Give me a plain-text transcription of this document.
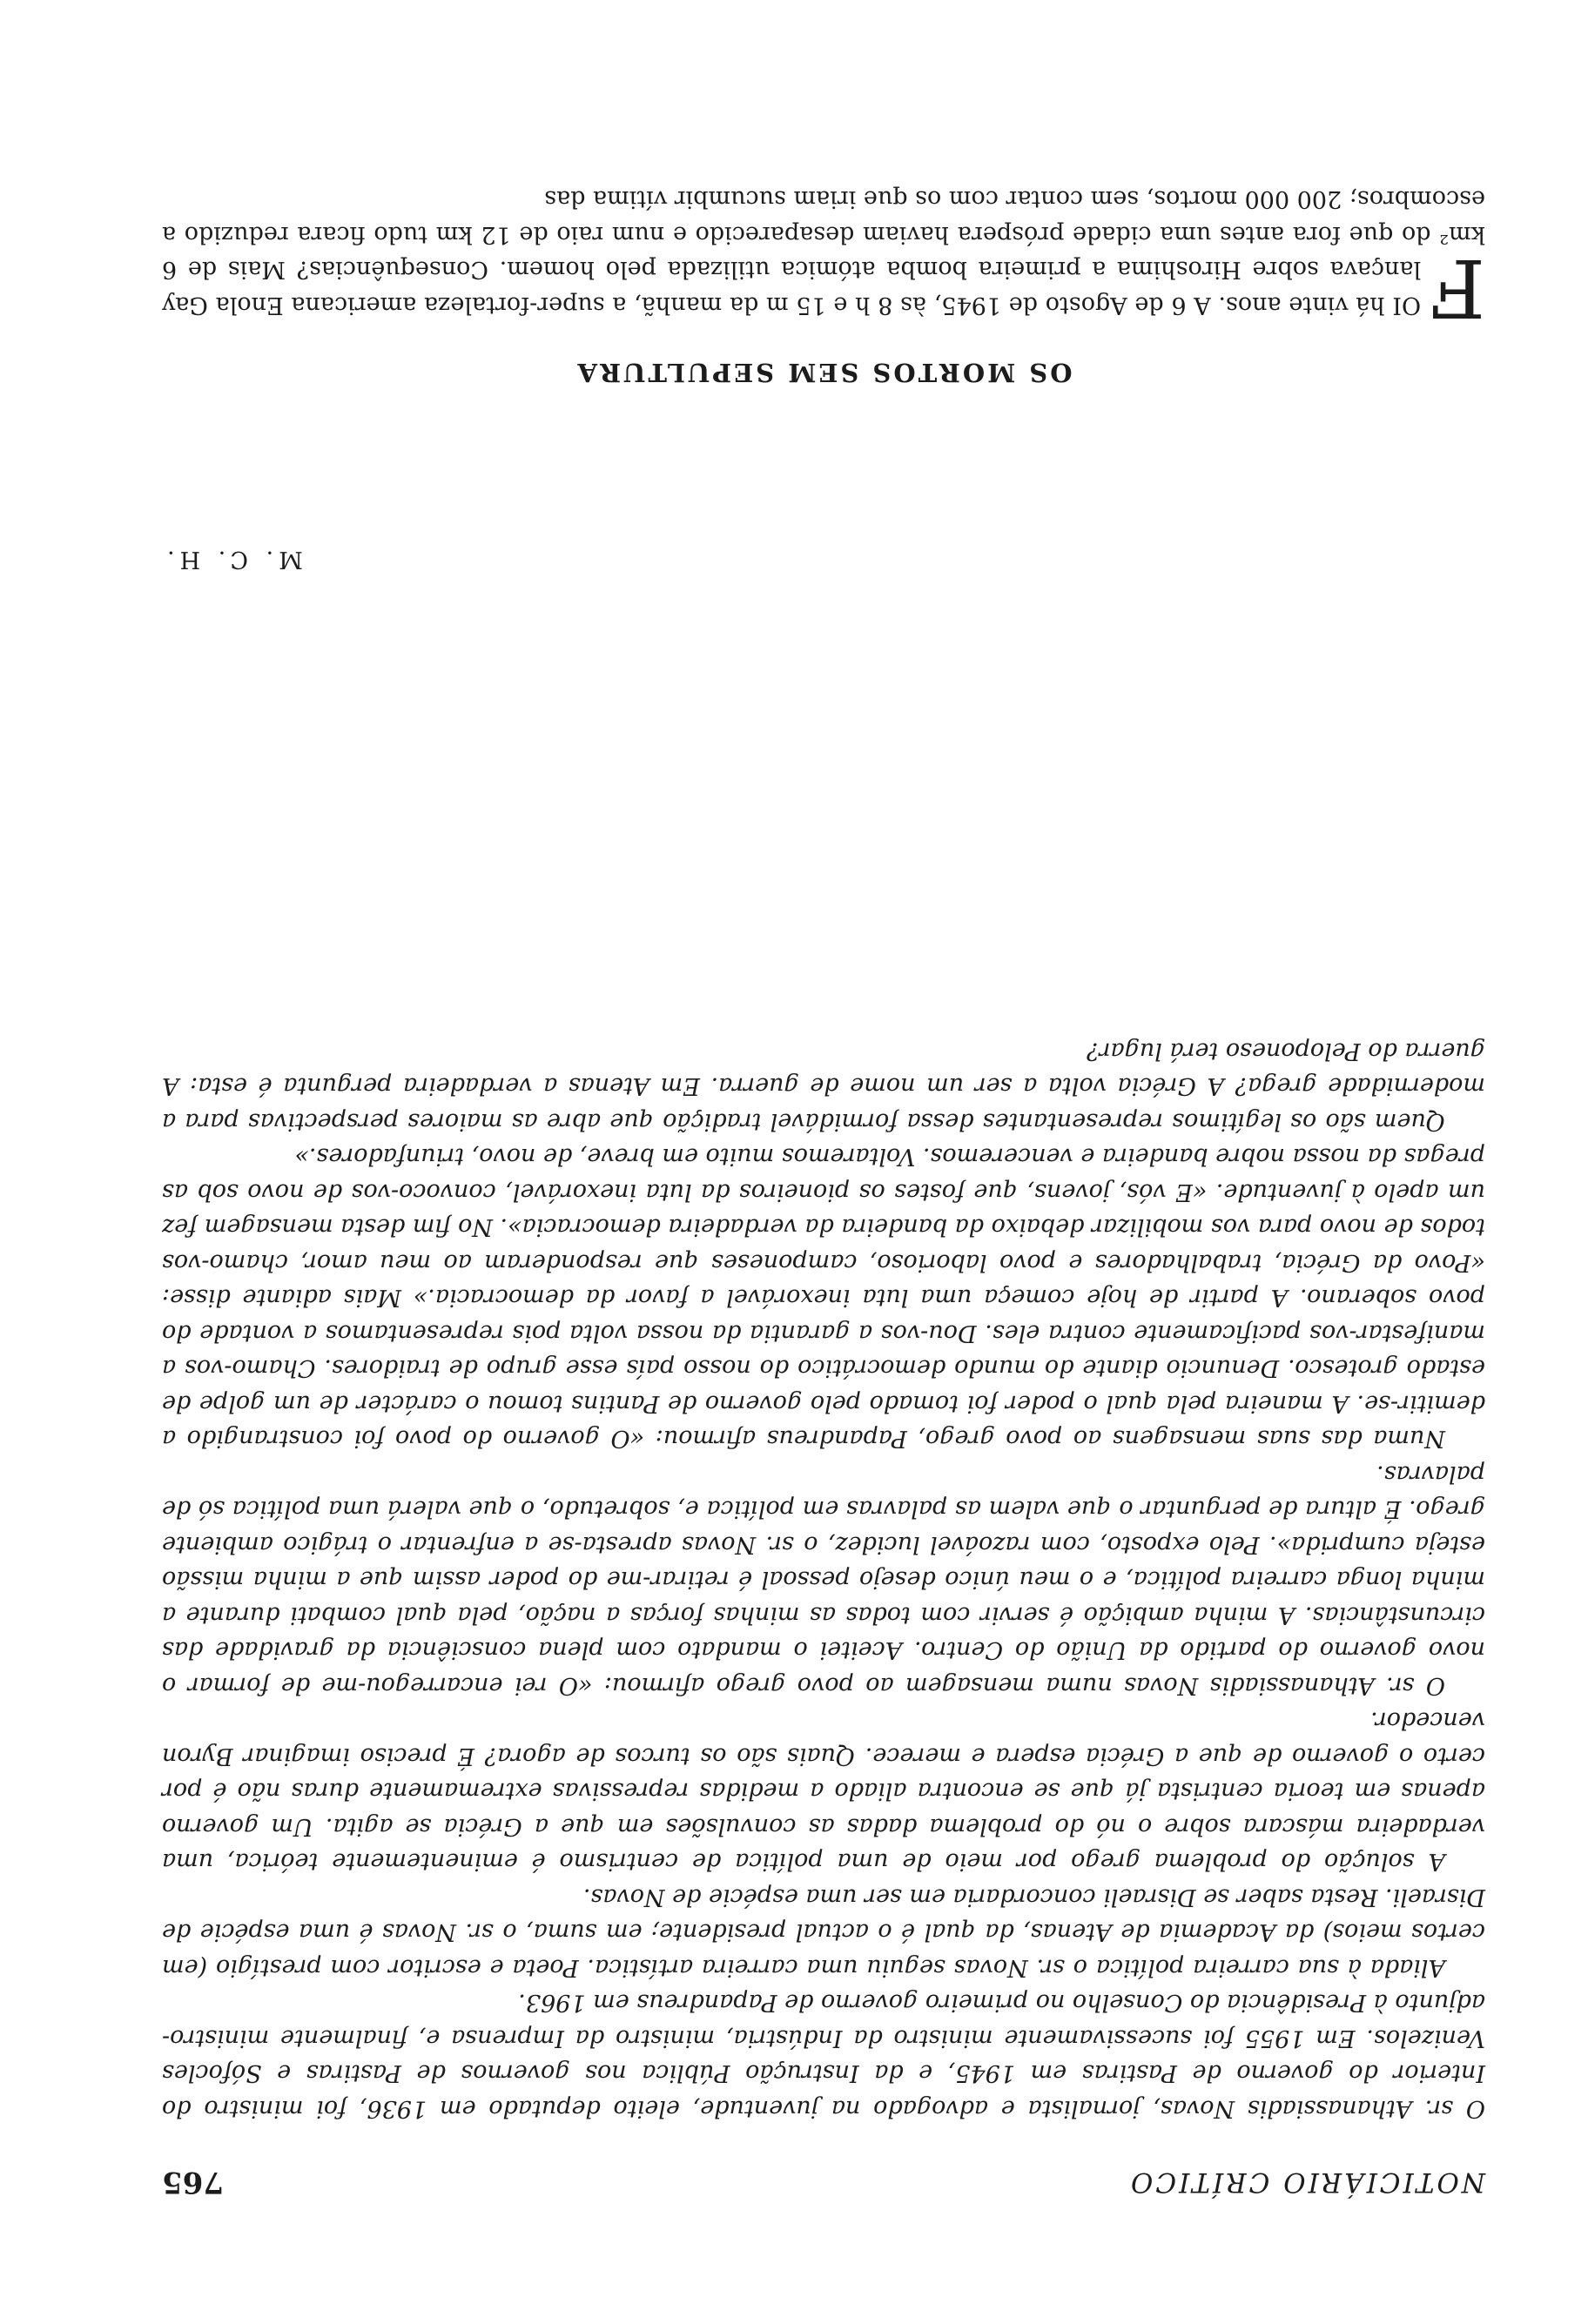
NOTICIÁRIO CRÍTICO
765

O sr. Athanassiadis Novas, jornalista e advogado na juventude, eleito deputado em 1936, foi ministro do Interior do governo de Pastiras em 1945, e da Instrução Pública nos governos de Pastiras e Sófocles Venizelos. Em 1955 foi sucessivamente ministro da Indústria, ministro da Imprensa e, finalmente ministro-adjunto à Presidência do Conselho no primeiro governo de Papandreus em 1963.

Aliada à sua carreira política o sr. Novas seguiu uma carreira artística. Poeta e escritor com prestígio (em certos meios) da Academia de Atenas, da qual é o actual presidente; em suma, o sr. Novas é uma espécie de Disraeli. Resta saber se Disraeli concordaria em ser uma espécie de Novas.

A solução do problema grego por meio de uma política de centrismo é eminentemente teórica, uma verdadeira máscara sobre o nó do problema dadas as convulsões em que a Grécia se agita. Um governo apenas em teoria centrista já que se encontra aliado a medidas repressivas extremamente duras não é por certo o governo de que a Grécia espera e merece. Quais são os turcos de agora? É preciso imaginar Byron vencedor.

O sr. Athanassiadis Novas numa mensagem ao povo grego afirmou: «O rei encarregou-me de formar o novo governo do partido da União do Centro. Aceitei o mandato com plena consciência da gravidade das circunstâncias. A minha ambição é servir com todas as minhas forças a nação, pela qual combati durante a minha longa carreira política, e o meu único desejo pessoal é retirar-me do poder assim que a minha missão esteja cumprida». Pelo exposto, com razoável lucidez, o sr. Novas apresta-se a enfrentar o trágico ambiente grego. É altura de perguntar o que valem as palavras em política e, sobretudo, o que valerá uma política só de palavras.

Numa das suas mensagens ao povo grego, Papandreus afirmou: «O governo do povo foi constrangido a demitir-se. A maneira pela qual o poder foi tomado pelo governo de Pantins tomou o carácter de um golpe de estado grotesco. Denuncio diante do mundo democrático do nosso país esse grupo de traidores. Chamo-vos a manifestar-vos pacificamente contra eles. Dou-vos a garantia da nossa volta pois representamos a vontade do povo soberano. A partir de hoje começa uma luta inexorável a favor da democracia.» Mais adiante disse: «Povo da Grécia, trabalhadores e povo laborioso, camponeses que responderam ao meu amor, chamo-vos todos de novo para vos mobilizar debaixo da bandeira da verdadeira democracia». No fim desta mensagem fez um apelo à juventude. «E vós, jovens, que fostes os pioneiros da luta inexorável, convoco-vos de novo sob as pregas da nossa nobre bandeira e venceremos. Voltaremos muito em breve, de novo, triunfadores.»

Quem são os legítimos representantes dessa formidável tradição que abre as maiores perspectivas para a modernidade grega? A Grécia volta a ser um nome de guerra. Em Atenas a verdadeira pergunta é esta: A guerra do Peloponeso terá lugar?

M. C. H.
OS MORTOS SEM SEPULTURA
F
OI há vinte anos. A 6 de Agosto de 1945, às 8 h e 15 m da manhã, a super-fortaleza americana Enola Gay lançava sobre Hiroshima a primeira bomba atómica utilizada pelo homem. Consequências? Mais de 6 km² do que fora antes uma cidade próspera haviam desaparecido e num raio de 12 km tudo ficara reduzido a escombros; 200 000 mortos, sem contar com os que iriam sucumbir vítima das
